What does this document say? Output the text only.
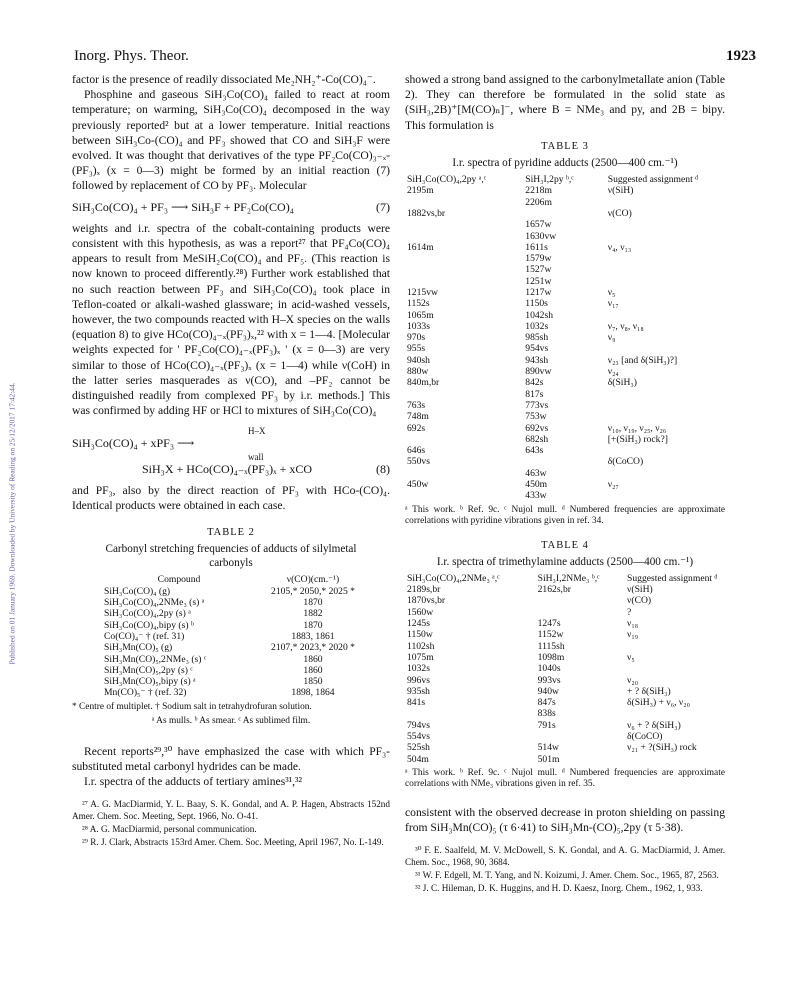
Published on 01 January 1969. Downloaded by University of Reading on 25/12/2017 17:42:44.
Inorg. Phys. Theor.	1923

factor is the presence of readily dissociated Me₂NH₂⁺-Co(CO)₄⁻.

Phosphine and gaseous SiH₃Co(CO)₄ failed to react at room temperature; on warming, SiH₃Co(CO)₄ decomposed in the way previously reported² but at a lower temperature. Initial reactions between SiH₃Co-(CO)₄ and PF₃ showed that CO and SiH₃F were evolved. It was thought that derivatives of the type PF₂Co(CO)₃₋ₓ-(PF₃)ₓ (x = 0—3) might be formed by an initial reaction (7) followed by replacement of CO by PF₃. Molecular

SiH₃Co(CO)₄ + PF₃ ⟶ SiH₃F + PF₂Co(CO)₄	(7)

weights and i.r. spectra of the cobalt-containing products were consistent with this hypothesis, as was a report²⁷ that PF₄Co(CO)₄ appears to result from MeSiH₂Co(CO)₄ and PF₅. (This reaction is now known to proceed differently.²⁸) Further work established that no such reaction between PF₃ and SiH₃Co(CO)₄ took place in Teflon-coated or alkali-washed glassware; in acid-washed vessels, however, the two compounds reacted with H–X species on the walls (equation 8) to give HCo(CO)₄₋ₓ(PF₃)ₓ,²² with x = 1—4. [Molecular weights expected for ' PF₂Co(CO)₄₋ₓ(PF₃)ₓ ' (x = 0—3) are very similar to those of HCo(CO)₄₋ₓ(PF₃)ₓ (x = 1—4) while ν(CoH) in the latter series masquerades as ν(CO), and –PF₂ cannot be distinguished readily from complexed PF₃ by i.r. methods.] This was confirmed by adding HF or HCl to mixtures of SiH₃Co(CO)₄

H–X
SiH₃Co(CO)₄ + xPF₃ ⟶
wall
SiH₃X + HCo(CO)₄₋ₓ(PF₃)ₓ + xCO	(8)

and PF₃, also by the direct reaction of PF₃ with HCo-(CO)₄. Identical products were obtained in each case.

TABLE 2
Carbonyl stretching frequencies of adducts of silylmetal carbonyls
Compound	ν(CO)(cm.⁻¹)
SiH₃Co(CO)₄ (g)	2105,* 2050,* 2025 *
SiH₃Co(CO)₄,2NMe₃ (s) ᵃ	1870
SiH₃Co(CO)₄,2py (s) ᵃ	1882
SiH₃Co(CO)₄,bipy (s) ᵇ	1870
Co(CO)₄⁻ † (ref. 31)	1883, 1861
SiH₃Mn(CO)₅ (g)	2107,* 2023,* 2020 *
SiH₃Mn(CO)₅,2NMe₃ (s) ᶜ	1860
SiH₃Mn(CO)₅,2py (s) ᶜ	1860
SiH₃Mn(CO)₅,bipy (s) ᵃ	1850
Mn(CO)₅⁻ † (ref. 32)	1898, 1864
* Centre of multiplet. † Sodium salt in tetrahydrofuran solution.
ᵃ As mulls. ᵇ As smear. ᶜ As sublimed film.

Recent reports²⁹,³⁰ have emphasized the case with which PF₃-substituted metal carbonyl hydrides can be made.

I.r. spectra of the adducts of tertiary amines³¹,³²

²⁷ A. G. MacDiarmid, Y. L. Baay, S. K. Gondal, and A. P. Hagen, Abstracts 152nd Amer. Chem. Soc. Meeting, Sept. 1966, No. O-41.

²⁸ A. G. MacDiarmid, personal communication.

²⁹ R. J. Clark, Abstracts 153rd Amer. Chem. Soc. Meeting, April 1967, No. L-149.

showed a strong band assigned to the carbonylmetallate anion (Table 2). They can therefore be formulated in the solid state as (SiH₃,2B)⁺[M(CO)ₙ]⁻, where B = NMe₃ and py, and 2B = bipy. This formulation is

TABLE 3
I.r. spectra of pyridine adducts (2500—400 cm.⁻¹)
SiH₃Co(CO)₄,2py ᵃ,ᶜ	SiH₃I,2py ᵇ,ᶜ	Suggested assignment ᵈ
2195m	2218m	ν(SiH)
	2206m	
1882vs,br		ν(CO)
	1657w	
	1630vw	
1614m	1611s	ν₄, ν₁₃
	1579w	
	1527w	
	1251w	
1215vw	1217w	ν₅
1152s	1150s	ν₁₇
1065m	1042sh	
1033s	1032s	ν₇, ν₈, ν₁₈
970s	985sh	ν₉
955s	954vs	
940sh	943sh	ν₂₃ [and δ(SiH₃)?]
880w	890vw	ν₂₄
840m,br	842s	δ(SiH₃)
	817s	
763s	773vs	
748m	753w	
692s	692vs	ν₁₀, ν₁₉, ν₂₅, ν₂₆
	682sh	[+(SiH₃) rock?]
646s	643s	
550vs		δ(CoCO)
	463w	
450w	450m	ν₂₇
	433w	
ᵃ This work. ᵇ Ref. 9c. ᶜ Nujol mull. ᵈ Numbered frequencies are approximate correlations with pyridine vibrations given in ref. 34.
TABLE 4
I.r. spectra of trimethylamine adducts (2500—400 cm.⁻¹)
SiH₃Co(CO)₄,2NMe₃ ᵃ,ᶜ	SiH₃I,2NMe₃ ᵇ,ᶜ	Suggested assignment ᵈ
2189s,br	2162s,br	ν(SiH)
1870vs,br		ν(CO)
1560w		?
1245s	1247s	ν₁₈
1150w	1152w	ν₁₉
1102sh	1115sh	
1075m	1098m	ν₅
1032s	1040s	
996vs	993vs	ν₂₀
935sh	940w	+ ? δ(SiH₃)
841s	847s	δ(SiH₃) + ν₆, ν₂₀
	838s	
794vs	791s	ν₆ + ? δ(SiH₃)
554vs		δ(CoCO)
525sh	514w	ν₂₁ + ?(SiH₃) rock
504m	501m	
ᵃ This work. ᵇ Ref. 9c. ᶜ Nujol mull. ᵈ Numbered frequencies are approximate correlations with NMe₃ vibrations given in ref. 35.

consistent with the observed decrease in proton shielding on passing from SiH₃Mn(CO)₅ (τ 6·41) to SiH₃Mn-(CO)₅,2py (τ 5·38).

³⁰ F. E. Saalfeld, M. V. McDowell, S. K. Gondal, and A. G. MacDiarmid, J. Amer. Chem. Soc., 1968, 90, 3684.

³¹ W. F. Edgell, M. T. Yang, and N. Koizumi, J. Amer. Chem. Soc., 1965, 87, 2563.

³² J. C. Hileman, D. K. Huggins, and H. D. Kaesz, Inorg. Chem., 1962, 1, 933.
